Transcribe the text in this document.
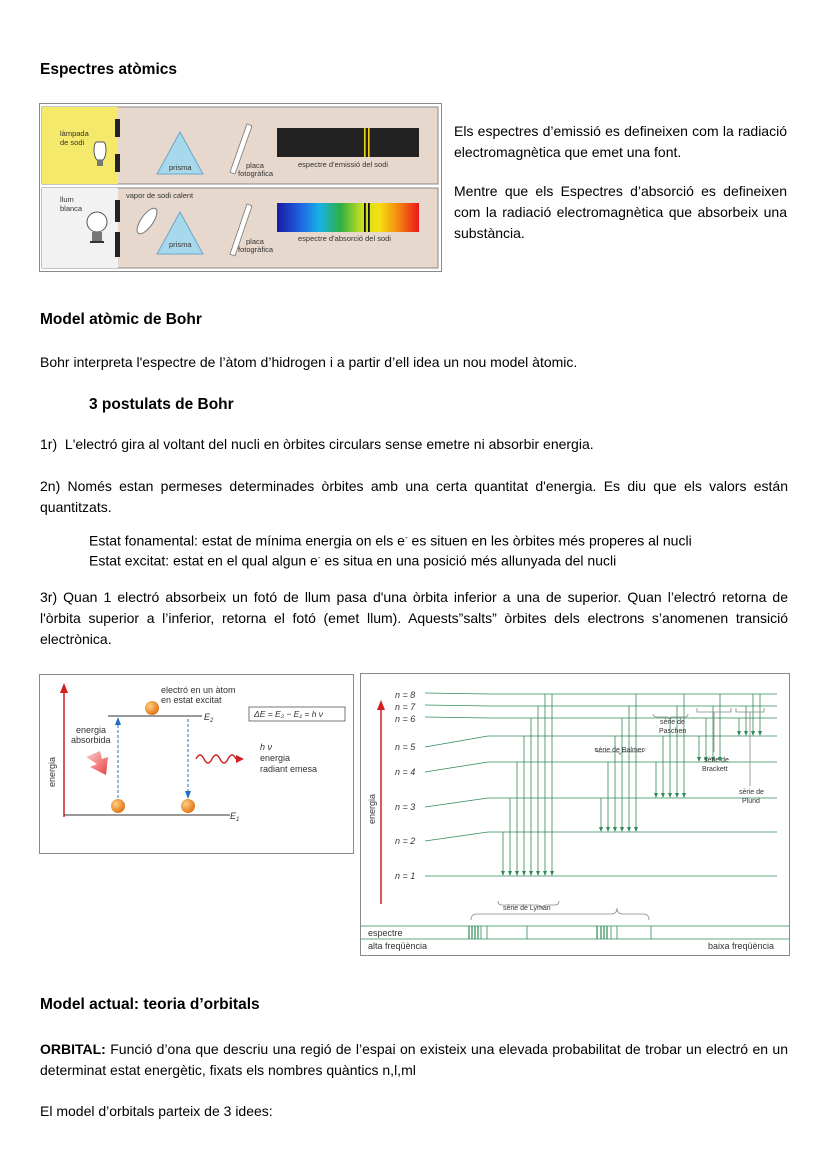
Espectres atòmics
làmpada
de sodi
prisma	placa
fotogràfica
espectre d’emissió del sodi
llum
blanca
vapor de sodi calent
prisma	placa
fotogràfica
espectre d’absorció del sodi

Els espectres d’emissió es defineixen com la radiació electromagnètica que emet una font.

Mentre que els Espectres d’absorció es defineixen com la radiació electromagnètica que absorbeix una substància.

Model atòmic de Bohr

Bohr interpreta l'espectre de l’àtom d’hidrogen i a partir d’ell idea un nou model àtomic.

3 postulats de Bohr

1r) L'electró gira al voltant del nucli en òrbites circulars sense emetre ni absorbir energia.

2n) Només estan permeses determinades òrbites amb una certa quantitat d'energia. Es diu que els valors están quantitzats.

Estat fonamental: estat de mínima energia on els e- es situen en les òrbites més properes al nucli

Estat excitat: estat en el qual algun e- es situa en una posició més allunyada del nucli

3r) Quan 1 electró absorbeix un fotó de llum pasa d'una òrbita inferior a una de superior. Quan l’electró retorna de l'òrbita superior a l’inferior, retorna el fotó (emet llum). Aquests”salts” òrbites dels electrons s’anomenen transició electrònica.

energia
$E_2$
$E_1$
energia
absorbida
electró en un àtom
en estat excitat
ΔE = E₂ − E₁ = h ν
h ν
energia
radiant emesa
energia
n = 8
n = 7
n = 6
n = 5
n = 4
n = 3
n = 2
n = 1
sèrie de Lyman
sèrie de Balmer
sèrie de
Paschen
sèrie de
Brackett
sèrie de
Plund
espectre
alta freqüència	baixa freqüència
Model actual: teoria d’orbitals

ORBITAL: Funció d’ona que descriu una regió de l’espai on existeix una elevada probabilitat de trobar un electró en un determinat estat energètic, fixats els nombres quàntics n,l,ml

El model d’orbitals parteix de 3 idees:
